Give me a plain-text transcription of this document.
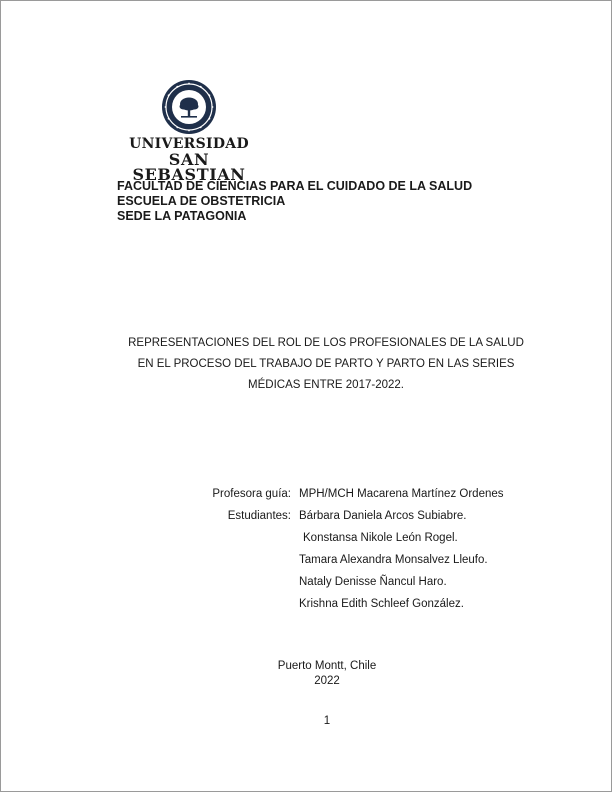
UNIVERSIDAD
SAN SEBASTIAN
FACULTAD DE CIENCIAS PARA EL CUIDADO DE LA SALUD
ESCUELA DE OBSTETRICIA
SEDE LA PATAGONIA
REPRESENTACIONES DEL ROL DE LOS PROFESIONALES DE LA SALUD
EN EL PROCESO DEL TRABAJO DE PARTO Y PARTO EN LAS SERIES
MÉDICAS ENTRE 2017-2022.
Profesora guía: MPH/MCH Macarena Martínez Ordenes
Estudiantes: Bárbara Daniela Arcos Subiabre.
Konstansa Nikole León Rogel.
Tamara Alexandra Monsalvez Lleufo.
Nataly Denisse Ñancul Haro.
Krishna Edith Schleef González.
Puerto Montt, Chile
2022
1
